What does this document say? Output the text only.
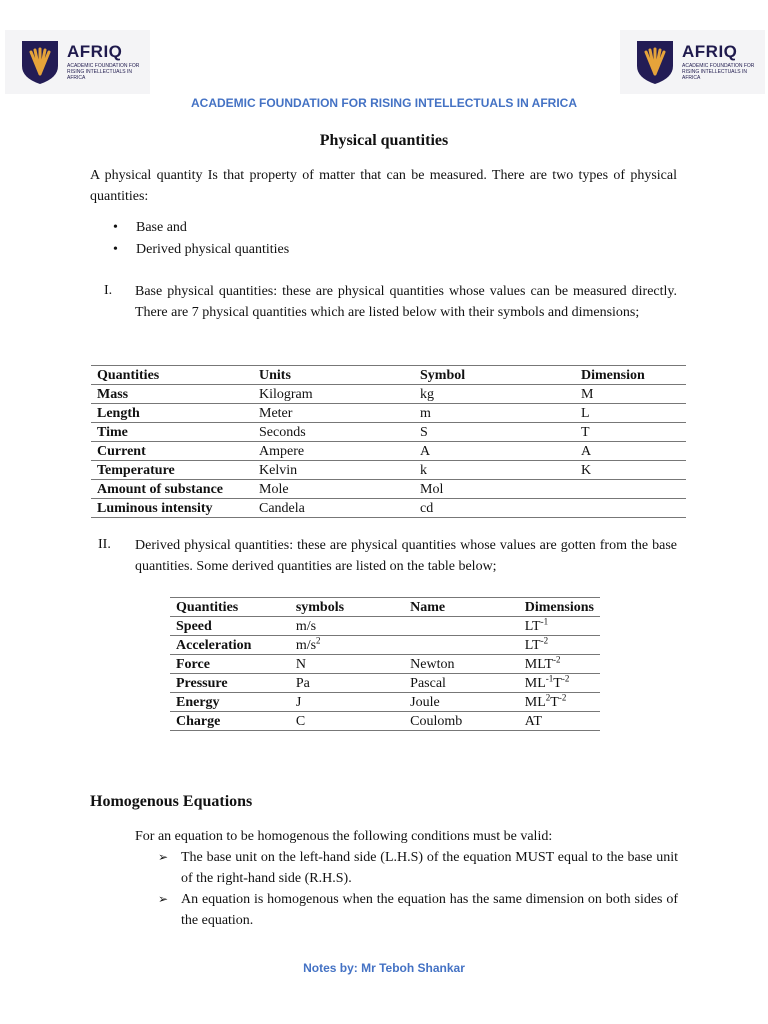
AFRIQ
ACADEMIC FOUNDATION FOR RISING INTELLECTUALS IN AFRICA
AFRIQ
ACADEMIC FOUNDATION FOR RISING INTELLECTUALS IN AFRICA
ACADEMIC FOUNDATION FOR RISING INTELLECTUALS IN AFRICA
Physical quantities
A physical quantity Is that property of matter that can be measured. There are two types of physical quantities:
• Base and
• Derived physical quantities
I. Base physical quantities: these are physical quantities whose values can be measured directly. There are 7 physical quantities which are listed below with their symbols and dimensions;
Quantities	Units	Symbol	Dimension
Mass	Kilogram	kg	M
Length	Meter	m	L
Time	Seconds	S	T
Current	Ampere	A	A
Temperature	Kelvin	k	K
Amount of substance	Mole	Mol	
Luminous intensity	Candela	cd	
II. Derived physical quantities: these are physical quantities whose values are gotten from the base quantities. Some derived quantities are listed on the table below;
Quantities	symbols	Name	Dimensions
Speed	m/s		$LT^{-1}$
Acceleration	$m/s^2$		$LT^{-2}$
Force	N	Newton	$MLT^{-2}$
Pressure	Pa	Pascal	$ML^{-1}T^{-2}$
Energy	J	Joule	$ML^2T^{-2}$
Charge	C	Coulomb	AT
Homogenous Equations
For an equation to be homogenous the following conditions must be valid:
➢ The base unit on the left-hand side (L.H.S) of the equation MUST equal to the base unit of the right-hand side (R.H.S).
➢ An equation is homogenous when the equation has the same dimension on both sides of the equation.
Notes by: Mr Teboh Shankar
